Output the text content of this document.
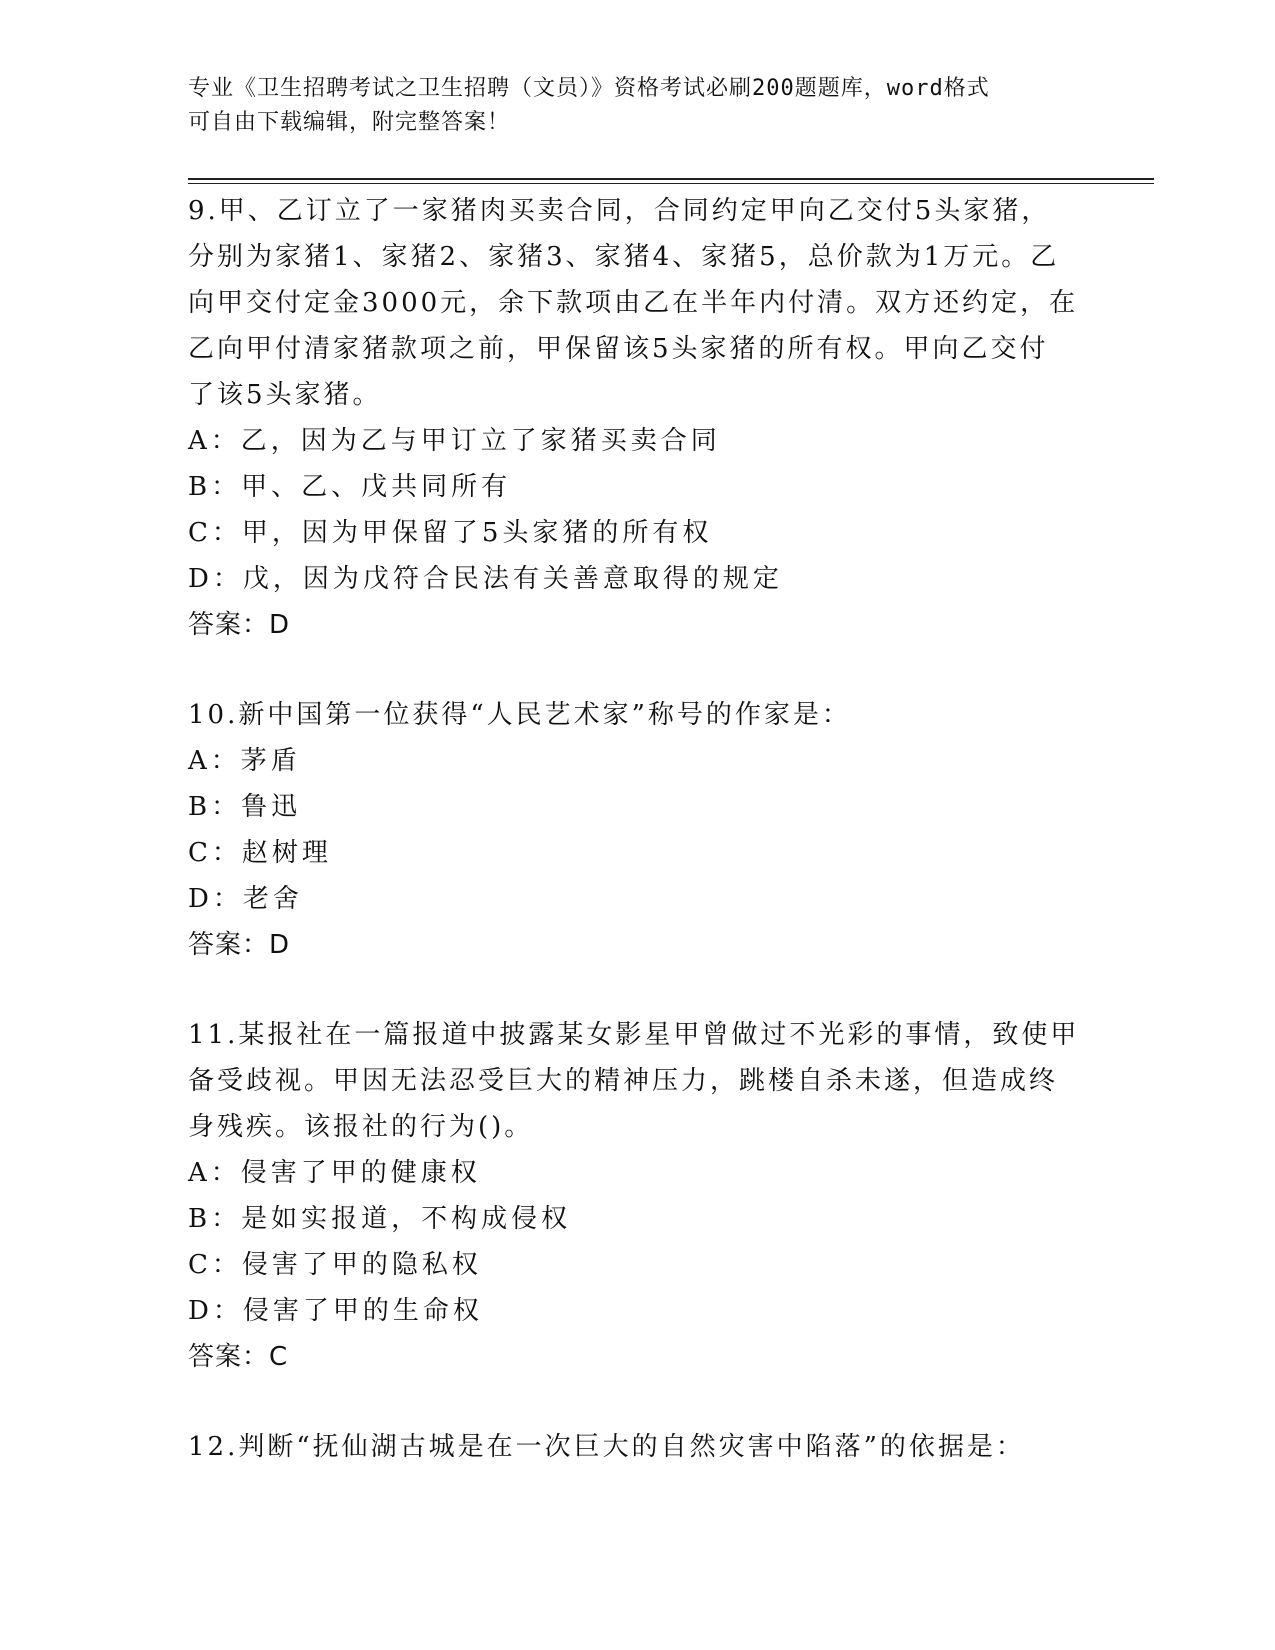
专业《卫生招聘考试之卫生招聘（文员）》资格考试必刷200题题库，word格式
可自由下载编辑，附完整答案！
9.甲、乙订立了一家猪肉买卖合同，合同约定甲向乙交付5头家猪，
分别为家猪1、家猪2、家猪3、家猪4、家猪5，总价款为1万元。乙
向甲交付定金3000元，余下款项由乙在半年内付清。双方还约定，在
乙向甲付清家猪款项之前，甲保留该5头家猪的所有权。甲向乙交付
了该5头家猪。
A：乙，因为乙与甲订立了家猪买卖合同
B：甲、乙、戊共同所有
C：甲，因为甲保留了5头家猪的所有权
D：戊，因为戊符合民法有关善意取得的规定
答案：D
10.新中国第一位获得“人民艺术家”称号的作家是：
A：茅盾
B：鲁迅
C：赵树理
D：老舍
答案：D
11.某报社在一篇报道中披露某女影星甲曾做过不光彩的事情，致使甲
备受歧视。甲因无法忍受巨大的精神压力，跳楼自杀未遂，但造成终
身残疾。该报社的行为()。
A：侵害了甲的健康权
B：是如实报道，不构成侵权
C：侵害了甲的隐私权
D：侵害了甲的生命权
答案：C
12.判断“抚仙湖古城是在一次巨大的自然灾害中陷落”的依据是：
